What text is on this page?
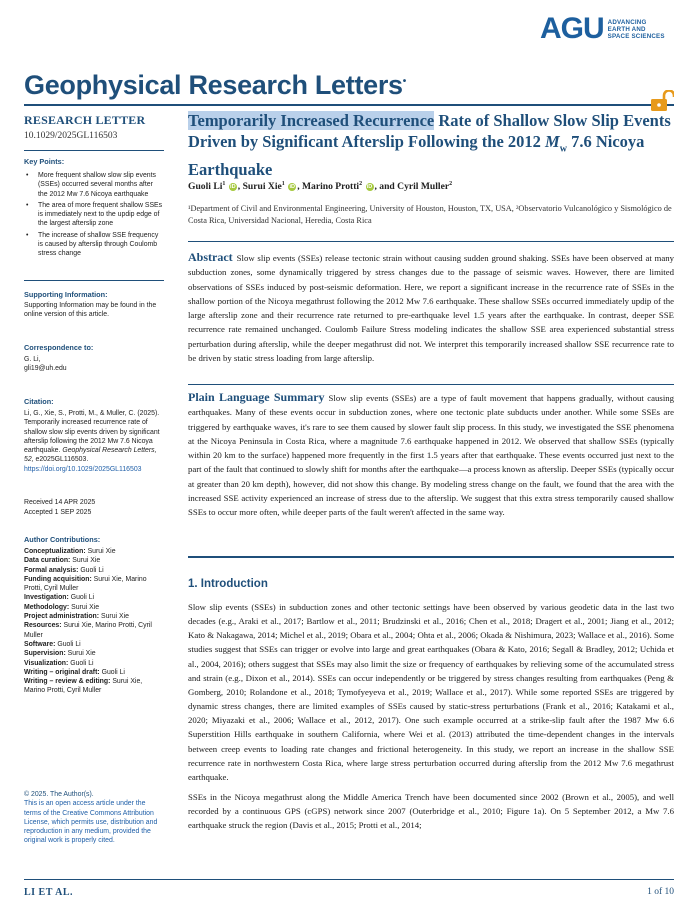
AGU ADVANCING
EARTH AND
SPACE SCIENCES
Geophysical Research Letters•
RESEARCH LETTER
10.1029/2025GL116503
Key Points:
• More frequent shallow slow slip events (SSEs) occurred several months after the 2012 Mw 7.6 Nicoya earthquake
• The area of more frequent shallow SSEs is immediately next to the updip edge of the largest afterslip zone
• The increase of shallow SSE frequency is caused by afterslip through Coulomb stress change
Supporting Information:
Supporting Information may be found in the online version of this article.
Correspondence to:
G. Li,
gli19@uh.edu
Citation:
Li, G., Xie, S., Protti, M., & Muller, C. (2025). Temporarily increased recurrence rate of shallow slow slip events driven by significant afterslip following the 2012 Mw 7.6 Nicoya earthquake. Geophysical Research Letters, 52, e2025GL116503. https://doi.org/10.1029/2025GL116503
Received 14 APR 2025
Accepted 1 SEP 2025
Author Contributions:
Conceptualization: Surui Xie
Data curation: Surui Xie
Formal analysis: Guoli Li
Funding acquisition: Surui Xie, Marino Protti, Cyril Muller
Investigation: Guoli Li
Methodology: Surui Xie
Project administration: Surui Xie
Resources: Surui Xie, Marino Protti, Cyril Muller
Software: Guoli Li
Supervision: Surui Xie
Visualization: Guoli Li
Writing – original draft: Guoli Li
Writing – review & editing: Surui Xie, Marino Protti, Cyril Muller
© 2025. The Author(s).
This is an open access article under the terms of the Creative Commons Attribution License, which permits use, distribution and reproduction in any medium, provided the original work is properly cited.
Temporarily Increased Recurrence Rate of Shallow Slow Slip Events Driven by Significant Afterslip Following the 2012 $M_w$ 7.6 Nicoya Earthquake
Guoli Li$^1$ iD , Surui Xie$^1$ iD , Marino Protti$^2$ iD , and Cyril Muller$^2$
¹Department of Civil and Environmental Engineering, University of Houston, Houston, TX, USA, ²Observatorio Vulcanológico y Sismológico de Costa Rica, Universidad Nacional, Heredia, Costa Rica
Abstract Slow slip events (SSEs) release tectonic strain without causing sudden ground shaking. SSEs have been observed at many subduction zones, some dynamically triggered by stress changes due to the passage of seismic waves. However, there are limited observations of SSEs induced by post-seismic deformation. Here, we report a significant increase in the recurrence rate of SSEs in the shallow portion of the Nicoya megathrust following the 2012 Mw 7.6 earthquake. These shallow SSEs occurred immediately updip of the large afterslip zone and their recurrence rate returned to pre-earthquake level 1.5 years after the earthquake. In contrast, deeper SSE recurrence rate remained unchanged. Coulomb Failure Stress modeling indicates the shallow SSE area experienced substantial stress perturbation during afterslip, while the deeper megathrust did not. We interpret this temporarily increased shallow SSE recurrence rate to be driven by static stress loading from large afterslip.
Plain Language Summary Slow slip events (SSEs) are a type of fault movement that happens gradually, without causing earthquakes. Many of these events occur in subduction zones, where one tectonic plate subducts under another. While some SSEs are triggered by earthquake waves, it's rare to see them caused by slower fault slip process. In this study, we investigated the SSE phenomena at the Nicoya Peninsula in Costa Rica, where a magnitude 7.6 earthquake happened in 2012. We observed that shallow SSEs (typically within 20 km to the surface) happened more frequently in the first 1.5 years after that earthquake. These events occurred just next to the part of the fault that continued to slowly shift for months after the earthquake—a process known as afterslip. Deeper SSEs (typically occur at greater than 20 km depth), however, did not show this change. By modeling stress change on the fault, we found that the area with the increased SSE activity experienced an increase of stress due to the afterslip. We suggest that this extra stress temporarily caused shallow SSEs to occur more often, while deeper parts of the fault weren't affected in the same way.
1. Introduction

Slow slip events (SSEs) in subduction zones and other tectonic settings have been observed by various geodetic data in the last two decades (e.g., Araki et al., 2017; Bartlow et al., 2011; Brudzinski et al., 2016; Chen et al., 2018; Dragert et al., 2001; Jiang et al., 2012; Kato & Nakagawa, 2014; Michel et al., 2019; Obara et al., 2004; Ohta et al., 2006; Okada & Nishimura, 2023; Wallace et al., 2016). Some studies suggest that SSEs can trigger or evolve into large and great earthquakes (Obara & Kato, 2016; Segall & Bradley, 2012; Uchida et al., 2004, 2016); others suggest that SSEs may also limit the size or frequency of earthquakes by relieving some of the accumulated stress and strain (e.g., Dixon et al., 2014). SSEs can occur independently or be triggered by stress changes resulting from earthquakes (Peng & Gomberg, 2010; Rolandone et al., 2018; Tymofyeyeva et al., 2019; Wallace et al., 2017). While some reported SSEs are triggered by dynamic stress changes, there are limited examples of SSEs caused by static-stress perturbations (Frank et al., 2016; Katakami et al., 2020; Miyazaki et al., 2006; Wallace et al., 2012, 2017). One such example occurred at a strike-slip fault after the 1987 Mw 6.6 Superstition Hills earthquake in southern California, where Wei et al. (2013) attributed the time-dependent changes in the intervals between creep events to loading rate changes and frictional heterogeneity. In this study, we report an increase in the shallow SSE recurrence rate in northwestern Costa Rica, where large stress perturbation occurred during afterslip from the 2012 Mw 7.6 megathrust earthquake.

SSEs in the Nicoya megathrust along the Middle America Trench have been documented since 2002 (Brown et al., 2005), and well recorded by a continuous GPS (cGPS) network since 2007 (Outerbridge et al., 2010; Figure 1a). On 5 September 2012, a Mw 7.6 earthquake struck the region (Davis et al., 2015; Protti et al., 2014;

LI ET AL.	1 of 10
